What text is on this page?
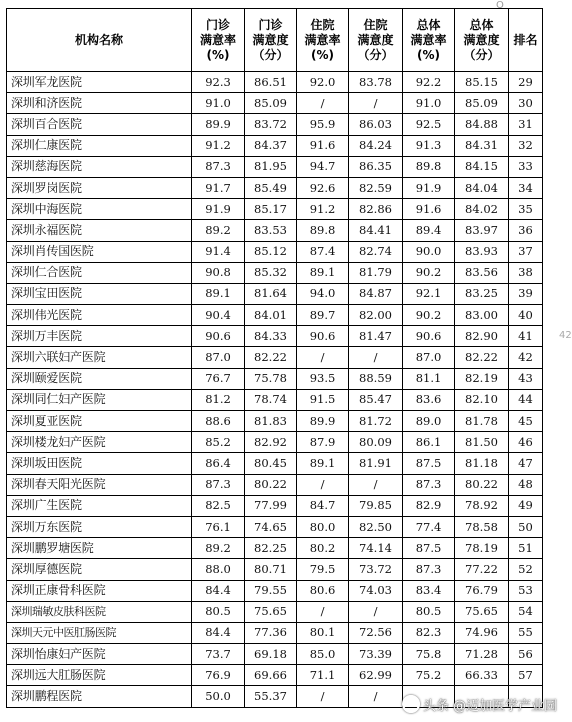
Ō
42
机构名称	门诊
满意率
(%)	门诊
满意度
（分）	住院
满意率
(%)	住院
满意度
（分）	总体
满意率
(%)	总体
满意度
（分）	排名

深圳军龙医院	92.3	86.51	92.0	83.78	92.2	85.15	29
深圳和济医院	91.0	85.09	/	/	91.0	85.09	30
深圳百合医院	89.9	83.72	95.9	86.03	92.5	84.88	31
深圳仁康医院	91.2	84.37	91.6	84.24	91.3	84.31	32
深圳慈海医院	87.3	81.95	94.7	86.35	89.8	84.15	33
深圳罗岗医院	91.7	85.49	92.6	82.59	91.9	84.04	34
深圳中海医院	91.9	85.17	91.2	82.86	91.6	84.02	35
深圳永福医院	89.2	83.53	89.8	84.41	89.4	83.97	36
深圳肖传国医院	91.4	85.12	87.4	82.74	90.0	83.93	37
深圳仁合医院	90.8	85.32	89.1	81.79	90.2	83.56	38
深圳宝田医院	89.1	81.64	94.0	84.87	92.1	83.25	39
深圳伟光医院	90.4	84.01	89.7	82.00	90.2	83.00	40
深圳万丰医院	90.6	84.33	90.6	81.47	90.6	82.90	41
深圳六联妇产医院	87.0	82.22	/	/	87.0	82.22	42
深圳颐爱医院	76.7	75.78	93.5	88.59	81.1	82.19	43
深圳同仁妇产医院	81.2	78.74	91.5	85.47	83.6	82.10	44
深圳夏亚医院	88.6	81.83	89.9	81.72	89.0	81.78	45
深圳楼龙妇产医院	85.2	82.92	87.9	80.09	86.1	81.50	46
深圳坂田医院	86.4	80.45	89.1	81.91	87.5	81.18	47
深圳春天阳光医院	87.3	80.22	/	/	87.3	80.22	48
深圳广生医院	82.5	77.99	84.7	79.85	82.9	78.92	49
深圳万东医院	76.1	74.65	80.0	82.50	77.4	78.58	50
深圳鹏罗塘医院	89.2	82.25	80.2	74.14	87.5	78.19	51
深圳厚德医院	88.0	80.71	79.5	73.72	87.3	77.22	52
深圳正康骨科医院	84.4	79.55	80.6	74.03	83.4	76.79	53
深圳瑞敏皮肤科医院	80.5	75.65	/	/	80.5	75.65	54
深圳天元中医肛肠医院	84.4	77.36	80.1	72.56	82.3	74.96	55
深圳怡康妇产医院	73.7	69.18	85.0	73.39	75.8	71.28	56
深圳远大肛肠医院	76.9	69.66	71.1	62.99	75.2	66.33	57
深圳鹏程医院	50.0	55.37	/	/			
头条 @迈加医学产业园
